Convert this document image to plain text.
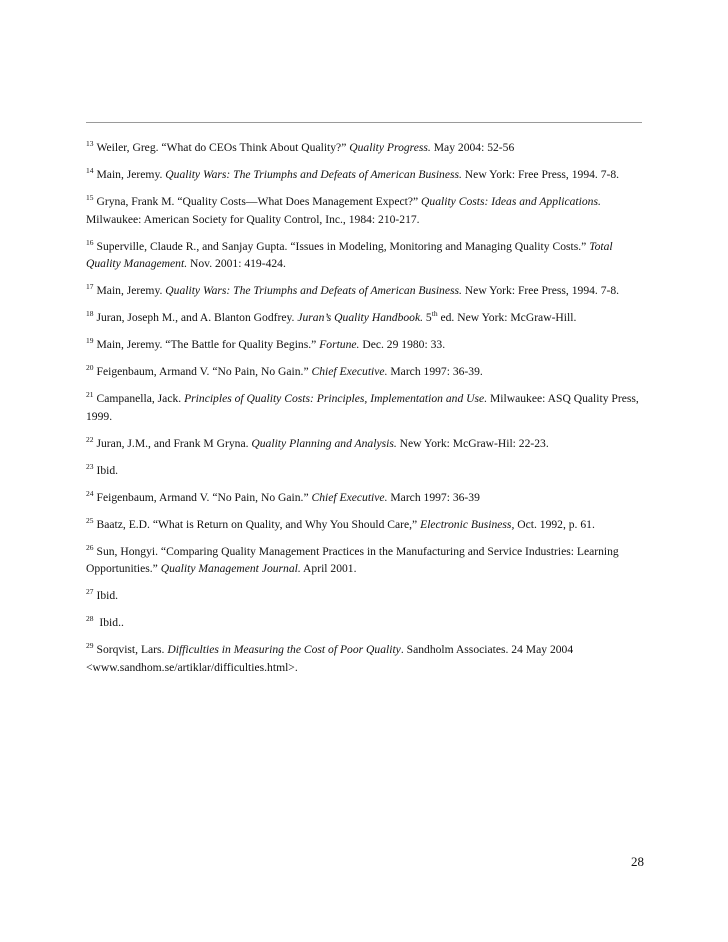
$^{13}$ Weiler, Greg. “What do CEOs Think About Quality?” Quality Progress. May 2004: 52-56
$^{14}$ Main, Jeremy. Quality Wars: The Triumphs and Defeats of American Business. New York: Free Press, 1994. 7-8.
$^{15}$ Gryna, Frank M. “Quality Costs—What Does Management Expect?” Quality Costs: Ideas and Applications. Milwaukee: American Society for Quality Control, Inc., 1984: 210-217.
$^{16}$ Superville, Claude R., and Sanjay Gupta. “Issues in Modeling, Monitoring and Managing Quality Costs.” Total Quality Management. Nov. 2001: 419-424.
$^{17}$ Main, Jeremy. Quality Wars: The Triumphs and Defeats of American Business. New York: Free Press, 1994. 7-8.
$^{18}$ Juran, Joseph M., and A. Blanton Godfrey. Juran’s Quality Handbook. 5th ed. New York: McGraw-Hill.
$^{19}$ Main, Jeremy. “The Battle for Quality Begins.” Fortune. Dec. 29 1980: 33.
$^{20}$ Feigenbaum, Armand V. “No Pain, No Gain.” Chief Executive. March 1997: 36-39.
$^{21}$ Campanella, Jack. Principles of Quality Costs: Principles, Implementation and Use. Milwaukee: ASQ Quality Press, 1999.
$^{22}$ Juran, J.M., and Frank M Gryna. Quality Planning and Analysis. New York: McGraw-Hil: 22-23.
$^{23}$ Ibid.
$^{24}$ Feigenbaum, Armand V. “No Pain, No Gain.” Chief Executive. March 1997: 36-39
$^{25}$ Baatz, E.D. “What is Return on Quality, and Why You Should Care,” Electronic Business, Oct. 1992, p. 61.
$^{26}$ Sun, Hongyi. “Comparing Quality Management Practices in the Manufacturing and Service Industries: Learning Opportunities.” Quality Management Journal. April 2001.
$^{27}$ Ibid.
$^{28}$ Ibid..
$^{29}$ Sorqvist, Lars. Difficulties in Measuring the Cost of Poor Quality. Sandholm Associates. 24 May 2004 <www.sandhom.se/artiklar/difficulties.html>.
28
